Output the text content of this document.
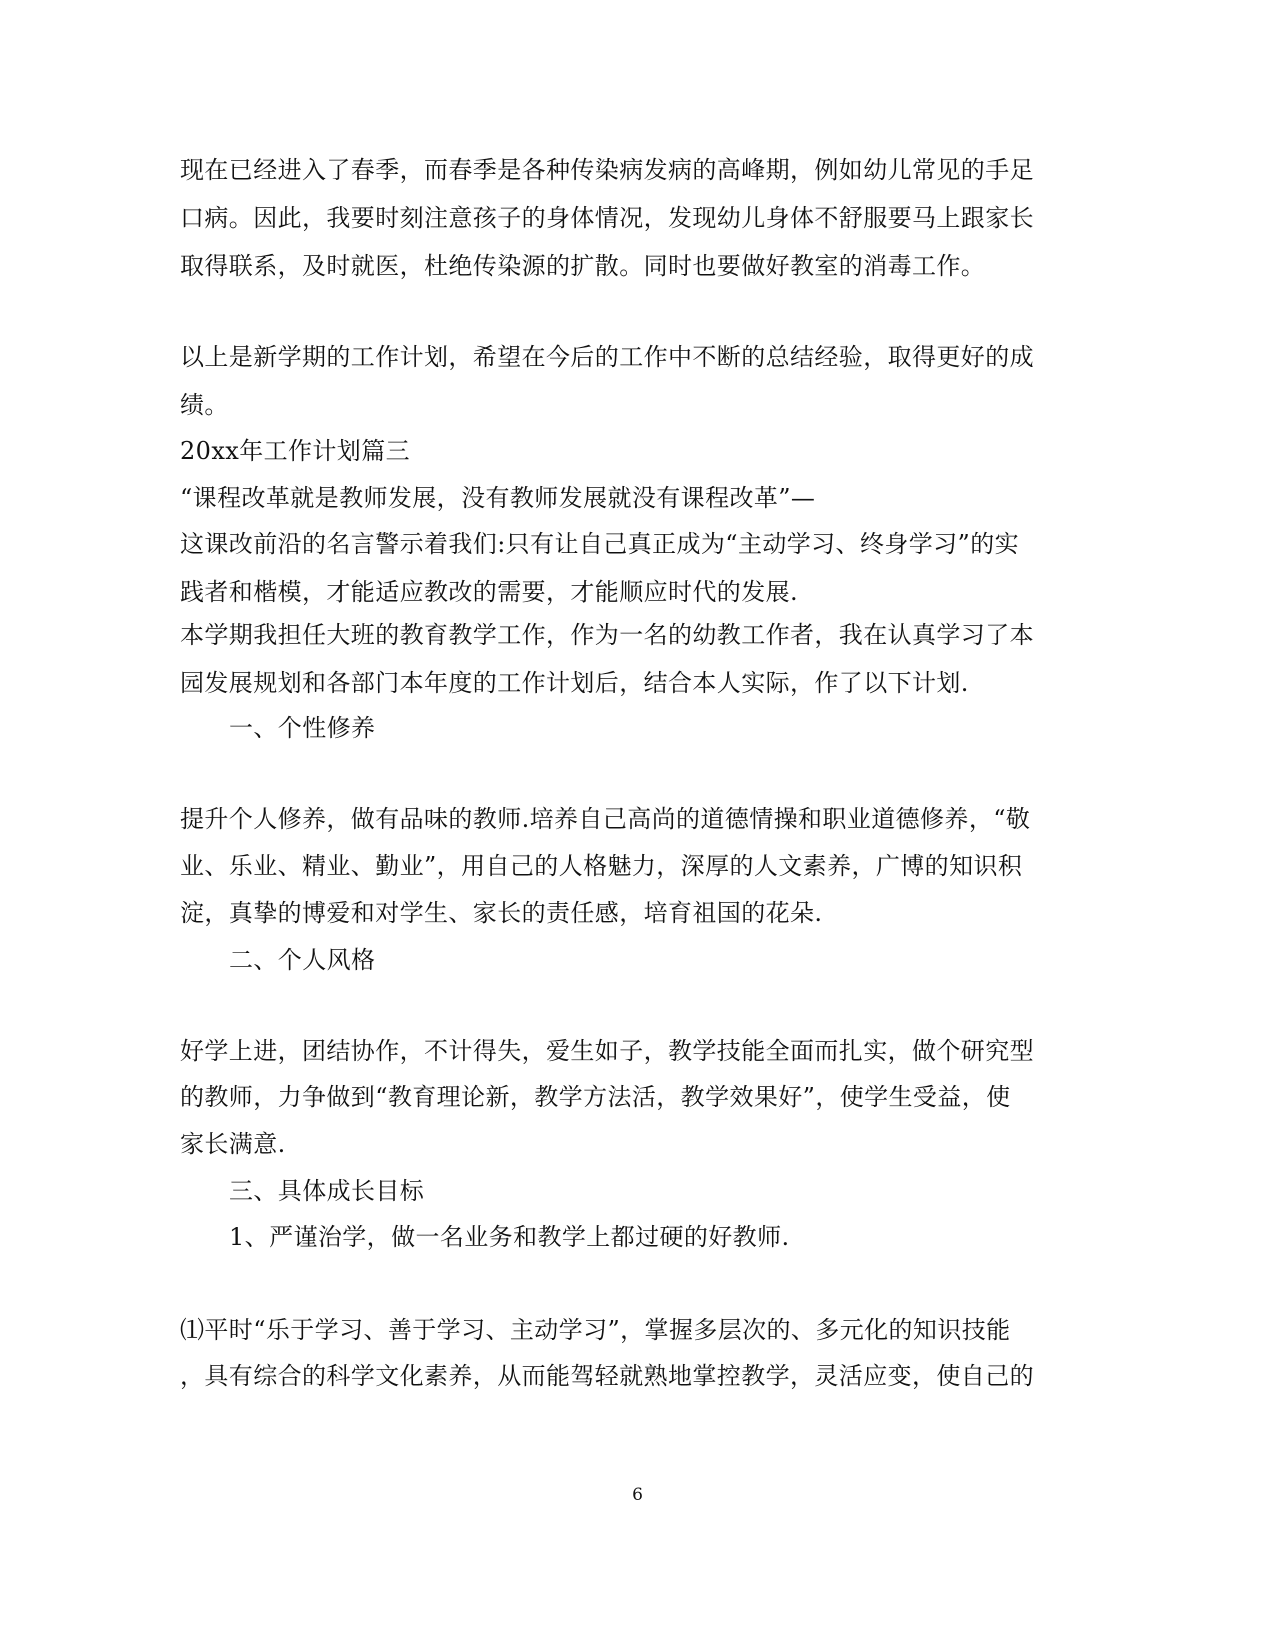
现在已经进入了春季，而春季是各种传染病发病的高峰期，例如幼儿常见的手足
口病。因此，我要时刻注意孩子的身体情况，发现幼儿身体不舒服要马上跟家长
取得联系，及时就医，杜绝传染源的扩散。同时也要做好教室的消毒工作。
以上是新学期的工作计划，希望在今后的工作中不断的总结经验，取得更好的成
绩。
20xx年工作计划篇三
“课程改革就是教师发展，没有教师发展就没有课程改革”—
这课改前沿的名言警示着我们:只有让自己真正成为“主动学习、终身学习”的实
践者和楷模，才能适应教改的需要，才能顺应时代的发展.
本学期我担任大班的教育教学工作，作为一名的幼教工作者，我在认真学习了本
园发展规划和各部门本年度的工作计划后，结合本人实际，作了以下计划.
一、个性修养
提升个人修养，做有品味的教师.培养自己高尚的道德情操和职业道德修养，“敬
业、乐业、精业、勤业”，用自己的人格魅力，深厚的人文素养，广博的知识积
淀，真挚的博爱和对学生、家长的责任感，培育祖国的花朵.
二、个人风格
好学上进，团结协作，不计得失，爱生如子，教学技能全面而扎实，做个研究型
的教师，力争做到“教育理论新，教学方法活，教学效果好”，使学生受益，使
家长满意.
三、具体成长目标
1、严谨治学，做一名业务和教学上都过硬的好教师.
⑴平时“乐于学习、善于学习、主动学习”，掌握多层次的、多元化的知识技能
，具有综合的科学文化素养，从而能驾轻就熟地掌控教学，灵活应变，使自己的
6
